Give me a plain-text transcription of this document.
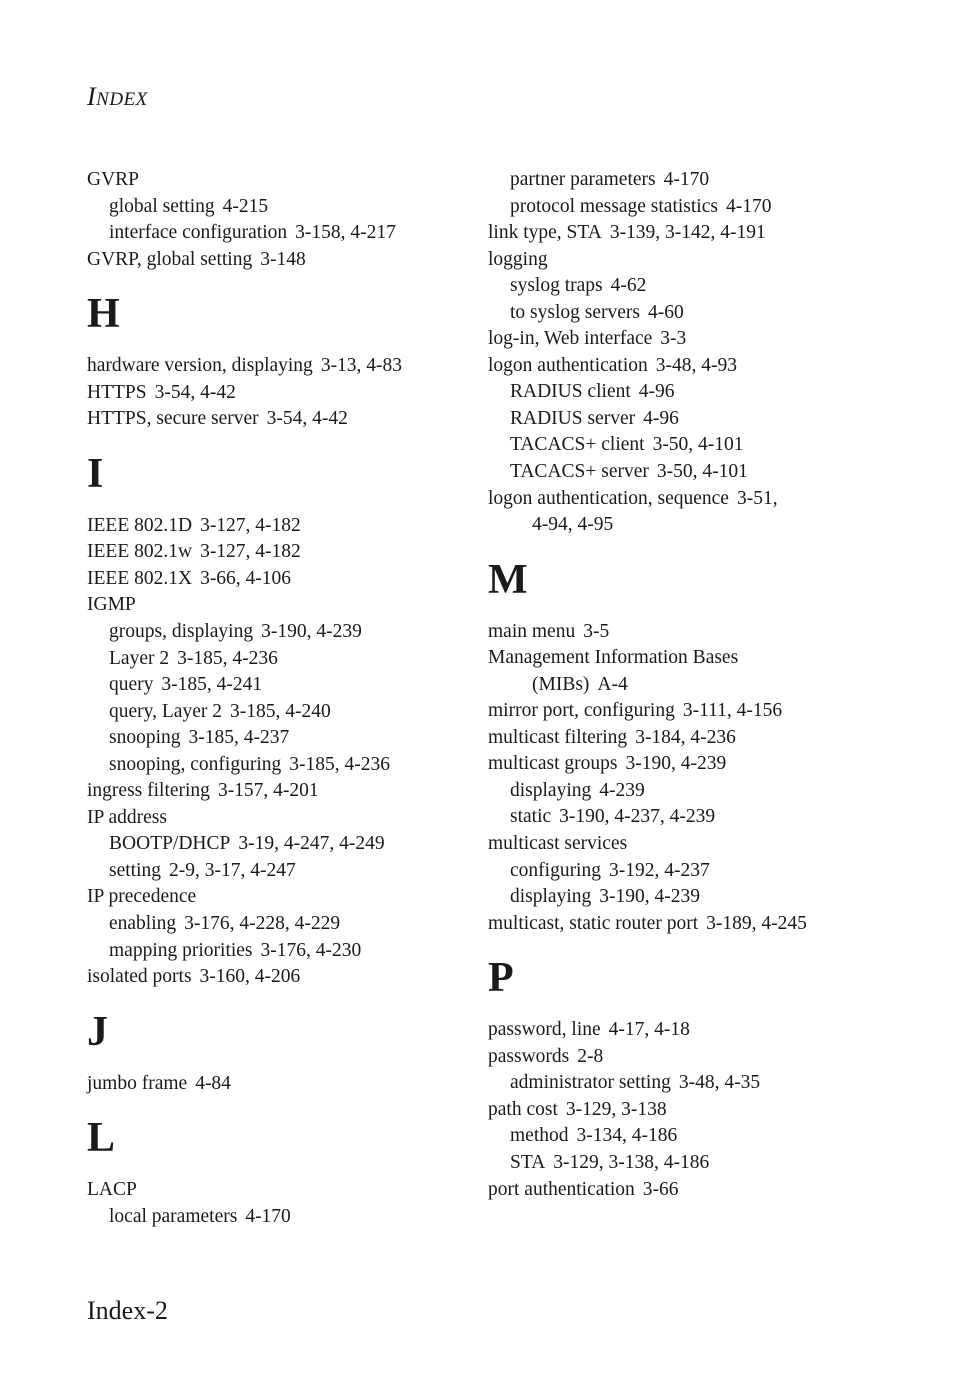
INDEX
GVRP
global setting 4-215
interface configuration 3-158, 4-217
GVRP, global setting 3-148
H
hardware version, displaying 3-13, 4-83
HTTPS 3-54, 4-42
HTTPS, secure server 3-54, 4-42
I
IEEE 802.1D 3-127, 4-182
IEEE 802.1w 3-127, 4-182
IEEE 802.1X 3-66, 4-106
IGMP
groups, displaying 3-190, 4-239
Layer 2 3-185, 4-236
query 3-185, 4-241
query, Layer 2 3-185, 4-240
snooping 3-185, 4-237
snooping, configuring 3-185, 4-236
ingress filtering 3-157, 4-201
IP address
BOOTP/DHCP 3-19, 4-247, 4-249
setting 2-9, 3-17, 4-247
IP precedence
enabling 3-176, 4-228, 4-229
mapping priorities 3-176, 4-230
isolated ports 3-160, 4-206
J
jumbo frame 4-84
L
LACP
local parameters 4-170
partner parameters 4-170
protocol message statistics 4-170
link type, STA 3-139, 3-142, 4-191
logging
syslog traps 4-62
to syslog servers 4-60
log-in, Web interface 3-3
logon authentication 3-48, 4-93
RADIUS client 4-96
RADIUS server 4-96
TACACS+ client 3-50, 4-101
TACACS+ server 3-50, 4-101
logon authentication, sequence 3-51,
4-94, 4-95
M
main menu 3-5
Management Information Bases
(MIBs) A-4
mirror port, configuring 3-111, 4-156
multicast filtering 3-184, 4-236
multicast groups 3-190, 4-239
displaying 4-239
static 3-190, 4-237, 4-239
multicast services
configuring 3-192, 4-237
displaying 3-190, 4-239
multicast, static router port 3-189, 4-245
P
password, line 4-17, 4-18
passwords 2-8
administrator setting 3-48, 4-35
path cost 3-129, 3-138
method 3-134, 4-186
STA 3-129, 3-138, 4-186
port authentication 3-66
Index-2
